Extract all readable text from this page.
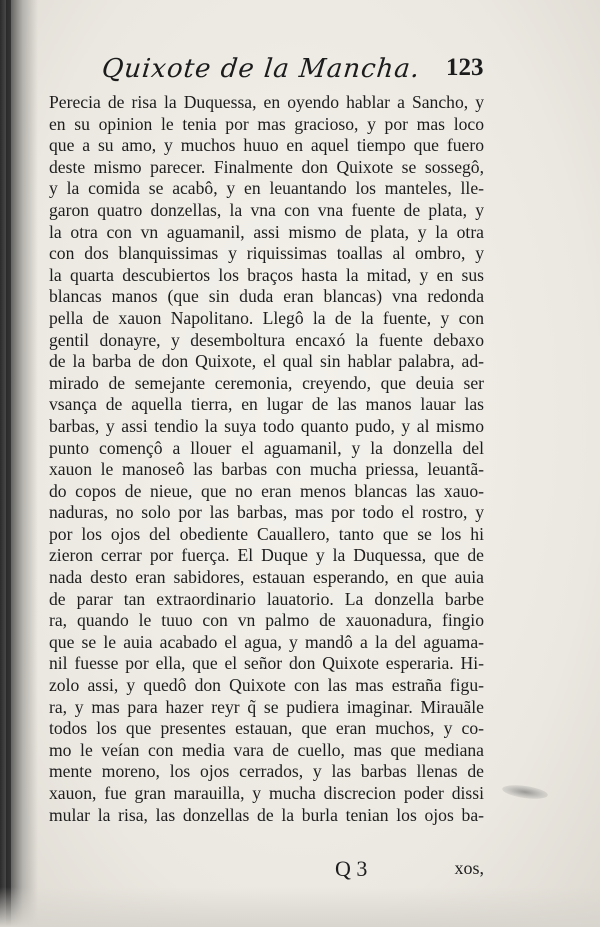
Quixote de la Mancha. 123
Perecia de risa la Duquessa, en oyendo hablar a Sancho, y
en su opinion le tenia por mas gracioso, y por mas loco
que a su amo, y muchos huuo en aquel tiempo que fuero
deste mismo parecer. Finalmente don Quixote se sossegô,
y la comida se acabô, y en leuantando los manteles, lle-
garon quatro donzellas, la vna con vna fuente de plata, y
la otra con vn aguamanil, assi mismo de plata, y la otra
con dos blanquissimas y riquissimas toallas al ombro, y
la quarta descubiertos los braços hasta la mitad, y en sus
blancas manos (que sin duda eran blancas) vna redonda
pella de xauon Napolitano. Llegô la de la fuente, y con
gentil donayre, y desemboltura encaxó la fuente debaxo
de la barba de don Quixote, el qual sin hablar palabra, ad-
mirado de semejante ceremonia, creyendo, que deuia ser
vsança de aquella tierra, en lugar de las manos lauar las
barbas, y assi tendio la suya todo quanto pudo, y al mismo
punto començô a llouer el aguamanil, y la donzella del
xauon le manoseô las barbas con mucha priessa, leuantã-
do copos de nieue, que no eran menos blancas las xauo-
naduras, no solo por las barbas, mas por todo el rostro, y
por los ojos del obediente Cauallero, tanto que se los hi
zieron cerrar por fuerça. El Duque y la Duquessa, que de
nada desto eran sabidores, estauan esperando, en que auia
de parar tan extraordinario lauatorio. La donzella barbe
ra, quando le tuuo con vn palmo de xauonadura, fingio
que se le auia acabado el agua, y mandô a la del aguama-
nil fuesse por ella, que el señor don Quixote esperaria. Hi-
zolo assi, y quedô don Quixote con las mas estraña figu-
ra, y mas para hazer reyr q̃ se pudiera imaginar. Mirauãle
todos los que presentes estauan, que eran muchos, y co-
mo le veían con media vara de cuello, mas que mediana
mente moreno, los ojos cerrados, y las barbas llenas de
xauon, fue gran marauilla, y mucha discrecion poder dissi
mular la risa, las donzellas de la burla tenian los ojos ba-
Q 3	xos,
